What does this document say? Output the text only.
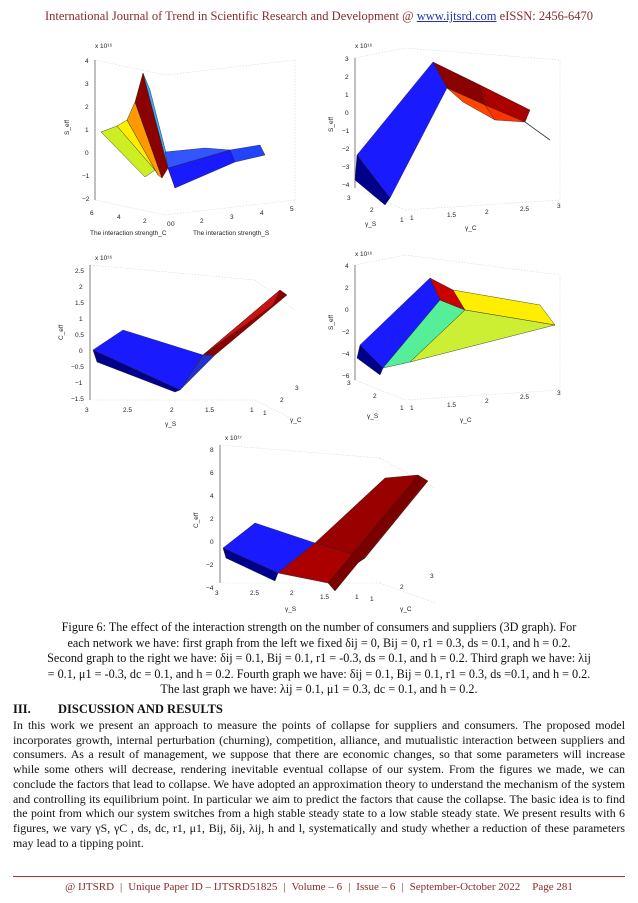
International Journal of Trend in Scientific Research and Development @ www.ijtsrd.com eISSN: 2456-6470
x 10¹⁶
4
3
2
1
0
−1
−2
S_eff
6
4
2	0 0	2
3
4
5
The interaction strength_C	The interaction strength_S
x 10¹⁶
3
2
1
0
−1
−2
−3
−4
S_eff
3
2
1 1	1.5	2	2.5	3
γ_S
γ_C
x 10¹⁶
2.5
2
1.5
1
0.5
0
−0.5
−1
−1.5
C_eff
3	2.5	2	1.5	1 1
2
3
γ_S
γ_C
x 10¹⁶
4
2
0
−2
−4
−6
S_eff
3
2
1 1	1.5
2
2.5
3
γ_S
γ_C
x 10¹⁷
8
6
4
2
0
−2
−4
C_eff
3	2.5	2
1.5	1 1
2
3
γ_S	γ_C
Figure 6: The effect of the interaction strength on the number of consumers and suppliers (3D graph). For
each network we have: first graph from the left we fixed δij = 0, Bij = 0, r1 = 0.3, ds = 0.1, and h = 0.2.
Second graph to the right we have: δij = 0.1, Bij = 0.1, r1 = -0.3, ds = 0.1, and h = 0.2. Third graph we have: λij
= 0.1, μ1 = -0.3, dc = 0.1, and h = 0.2. Fourth graph we have: δij = 0.1, Bij = 0.1, r1 = 0.3, ds =0.1, and h = 0.2.
The last graph we have: λij = 0.1, μ1 = 0.3, dc = 0.1, and h = 0.2.
III. DISCUSSION AND RESULTS
In this work we present an approach to measure the points of collapse for suppliers and consumers. The proposed model incorporates growth, internal perturbation (churning), competition, alliance, and mutualistic interaction between suppliers and consumers. As a result of management, we suppose that there are economic changes, so that some parameters will increase while some others will decrease, rendering inevitable eventual collapse of our system. From the figures we made, we can conclude the factors that lead to collapse. We have adopted an approximation theory to understand the mechanism of the system and controlling its equilibrium point. In particular we aim to predict the factors that cause the collapse. The basic idea is to find the point from which our system switches from a high stable steady state to a low stable steady state. We present results with 6 figures, we vary γS, γC , ds, dc, r1, μ1, Bij, δij, λij, h and l, systematically and study whether a reduction of these parameters may lead to a tipping point.
@ IJTSRD | Unique Paper ID – IJTSRD51825 | Volume – 6 | Issue – 6 | September-October 2022 Page 281
